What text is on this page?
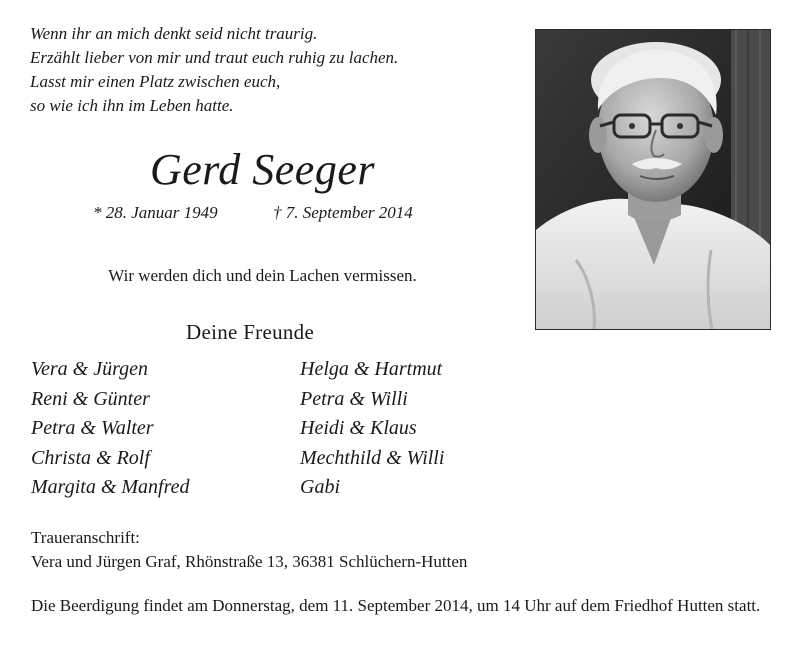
Wenn ihr an mich denkt seid nicht traurig.
Erzählt lieber von mir und traut euch ruhig zu lachen.
Lasst mir einen Platz zwischen euch,
so wie ich ihn im Leben hatte.
Gerd Seeger
* 28. Januar 1949	† 7. September 2014
Wir werden dich und dein Lachen vermissen.
Deine Freunde
Vera & Jürgen
Reni & Günter
Petra & Walter
Christa & Rolf
Margita & Manfred
Helga & Hartmut
Petra & Willi
Heidi & Klaus
Mechthild & Willi
Gabi
Traueranschrift:
Vera und Jürgen Graf, Rhönstraße 13, 36381 Schlüchern-Hutten
Die Beerdigung findet am Donnerstag, dem 11. September 2014, um 14 Uhr auf dem Friedhof Hutten statt.
